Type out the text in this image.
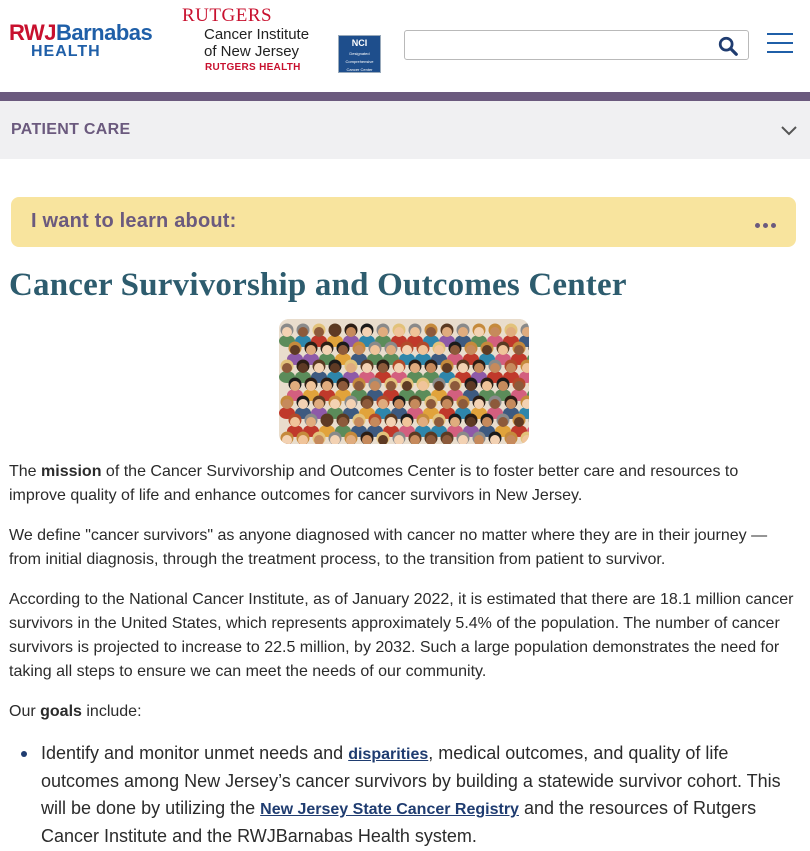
RWJBarnabas
HEALTH
RUTGERS
Cancer Institute
of New Jersey
RUTGERS HEALTH
NCI
Designated
Comprehensive
Cancer Center
PATIENT CARE
I want to learn about:
Cancer Survivorship and Outcomes Center

The mission of the Cancer Survivorship and Outcomes Center is to foster better care and resources to improve quality of life and enhance outcomes for cancer survivors in New Jersey.

We define "cancer survivors" as anyone diagnosed with cancer no matter where they are in their journey — from initial diagnosis, through the treatment process, to the transition from patient to survivor.

According to the National Cancer Institute, as of January 2022, it is estimated that there are 18.1 million cancer survivors in the United States, which represents approximately 5.4% of the population. The number of cancer survivors is projected to increase to 22.5 million, by 2032. Such a large population demonstrates the need for taking all steps to ensure we can meet the needs of our community.

Our goals include:

Identify and monitor unmet needs and disparities, medical outcomes, and quality of life outcomes among New Jersey’s cancer survivors by building a statewide survivor cohort. This will be done by utilizing the New Jersey State Cancer Registry and the resources of Rutgers Cancer Institute and the RWJBarnabas Health system.
